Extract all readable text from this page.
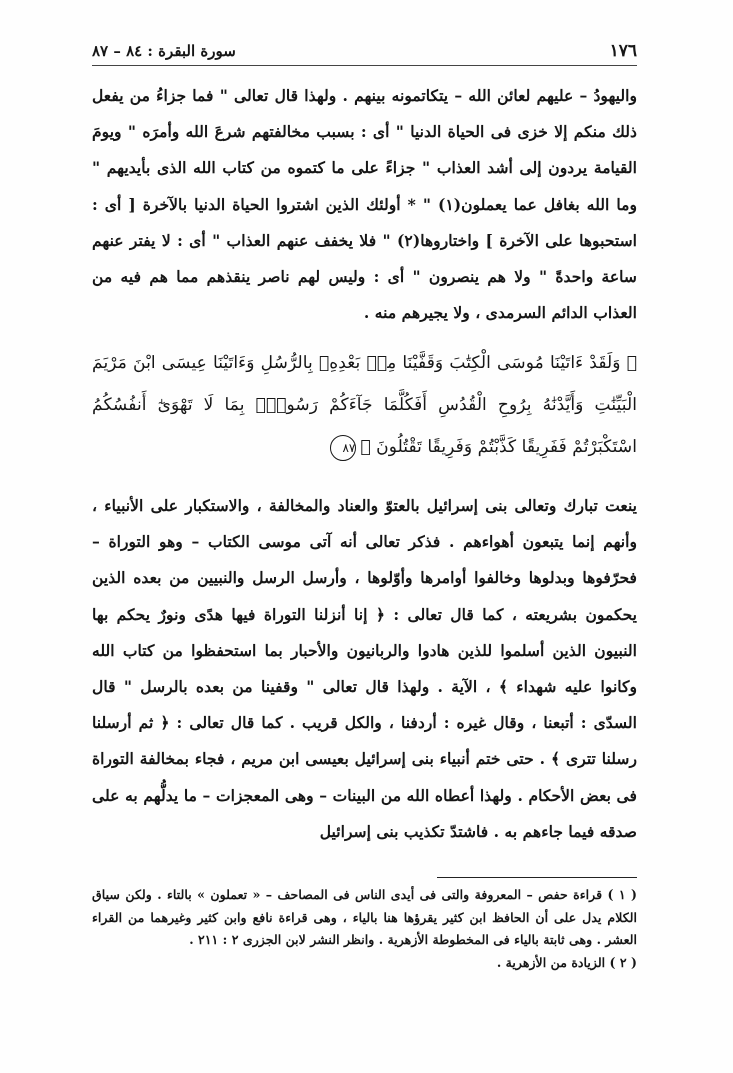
١٧٦
سورة البقرة : ٨٤ – ٨٧

واليهودُ – عليهم لعائن الله – يتكاتمونه بينهم . ولهذا قال تعالى " فما جزاءُ من يفعل ذلك منكم إلا خزى فى الحياة الدنيا " أى : بسبب مخالفتهم شرعَ الله وأمرَه " ويومَ القيامة يردون إلى أشد العذاب " جزاءً على ما كتموه من كتاب الله الذى بأيديهم " وما الله بغافل عما يعملون(١) " * أولئك الذين اشتروا الحياة الدنيا بالآخرة [ أى : استحبوها على الآخرة ] واختاروها(٢) " فلا يخفف عنهم العذاب " أى : لا يفتر عنهم ساعة واحدةً " ولا هم ينصرون " أى : وليس لهم ناصر ينقذهم مما هم فيه من العذاب الدائم السرمدى ، ولا يجيرهم منه .

﴿ وَلَقَدْ ءَاتَيْنَا مُوسَى الْكِتَٰبَ وَقَفَّيْنَا مِنۢ بَعْدِهِۦ بِالرُّسُلِ وَءَاتَيْنَا عِيسَى ابْنَ مَرْيَمَ الْبَيِّنَٰتِ وَأَيَّدْنَٰهُ بِرُوحِ الْقُدُسِ أَفَكُلَّمَا جَآءَكُمْ رَسُولٌۢ بِمَا لَا تَهْوَىٰٓ أَنفُسُكُمُ اسْتَكْبَرْتُمْ فَفَرِيقًا كَذَّبْتُمْ وَفَرِيقًا تَقْتُلُونَ ﴾٨٧

ينعت تبارك وتعالى بنى إسرائيل بالعتوّ والعناد والمخالفة ، والاستكبار على الأنبياء ، وأنهم إنما يتبعون أهواءهم . فذكر تعالى أنه آتى موسى الكتاب – وهو التوراة – فحرّفوها وبدلوها وخالفوا أوامرها وأوّلوها ، وأرسل الرسل والنبيين من بعده الذين يحكمون بشريعته ، كما قال تعالى : ﴿ إنا أنزلنا التوراة فيها هدًى ونورٌ يحكم بها النبيون الذين أسلموا للذين هادوا والربانيون والأحبار بما استحفظوا من كتاب الله وكانوا عليه شهداء ﴾ ، الآية . ولهذا قال تعالى " وقفينا من بعده بالرسل " قال السدّى : أتبعنا ، وقال غيره : أردفنا ، والكل قريب . كما قال تعالى : ﴿ ثم أرسلنا رسلنا تترى ﴾ . حتى ختم أنبياء بنى إسرائيل بعيسى ابن مريم ، فجاء بمخالفة التوراة فى بعض الأحكام . ولهذا أعطاه الله من البينات – وهى المعجزات – ما يدلُّهم به على صدقه فيما جاءهم به . فاشتدّ تكذيب بنى إسرائيل

( ١ ) قراءة حفص – المعروفة والتى فى أيدى الناس فى المصاحف – « تعملون » بالتاء . ولكن سياق الكلام يدل على أن الحافظ ابن كثير يقرؤها هنا بالياء ، وهى قراءة نافع وابن كثير وغيرهما من القراء العشر . وهى ثابتة بالياء فى المخطوطة الأزهرية . وانظر النشر لابن الجزرى ٢ : ٢١١ .

( ٢ ) الزيادة من الأزهرية .
